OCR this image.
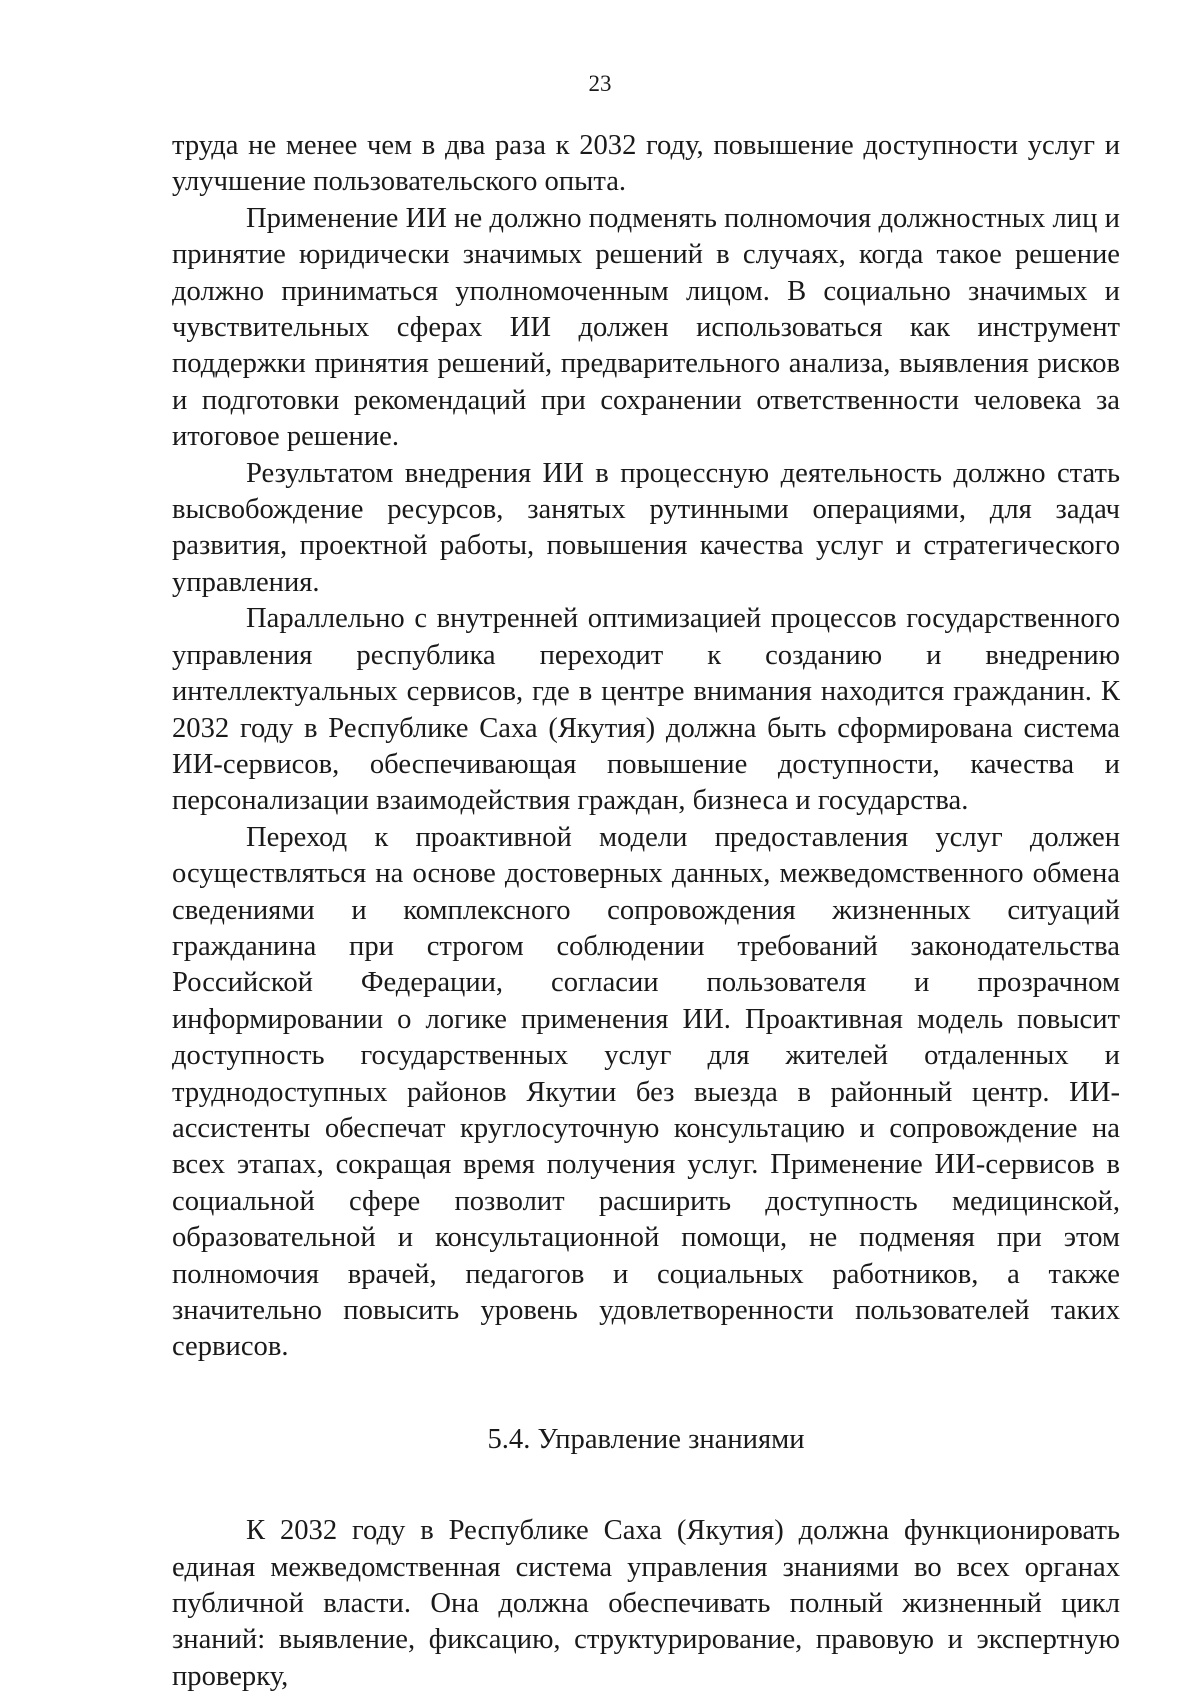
23

труда не менее чем в два раза к 2032 году, повышение доступности услуг и улучшение пользовательского опыта.

Применение ИИ не должно подменять полномочия должностных лиц и принятие юридически значимых решений в случаях, когда такое решение должно приниматься уполномоченным лицом. В социально значимых и чувствительных сферах ИИ должен использоваться как инструмент поддержки принятия решений, предварительного анализа, выявления рисков и подготовки рекомендаций при сохранении ответственности человека за итоговое решение.

Результатом внедрения ИИ в процессную деятельность должно стать высвобождение ресурсов, занятых рутинными операциями, для задач развития, проектной работы, повышения качества услуг и стратегического управления.

Параллельно с внутренней оптимизацией процессов государственного управления республика переходит к созданию и внедрению интеллектуальных сервисов, где в центре внимания находится гражданин. К 2032 году в Республике Саха (Якутия) должна быть сформирована система ИИ-сервисов, обеспечивающая повышение доступности, качества и персонализации взаимодействия граждан, бизнеса и государства.

Переход к проактивной модели предоставления услуг должен осуществляться на основе достоверных данных, межведомственного обмена сведениями и комплексного сопровождения жизненных ситуаций гражданина при строгом соблюдении требований законодательства Российской Федерации, согласии пользователя и прозрачном информировании о логике применения ИИ. Проактивная модель повысит доступность государственных услуг для жителей отдаленных и труднодоступных районов Якутии без выезда в районный центр. ИИ-ассистенты обеспечат круглосуточную консультацию и сопровождение на всех этапах, сокращая время получения услуг. Применение ИИ-сервисов в социальной сфере позволит расширить доступность медицинской, образовательной и консультационной помощи, не подменяя при этом полномочия врачей, педагогов и социальных работников, а также значительно повысить уровень удовлетворенности пользователей таких сервисов.

5.4. Управление знаниями

К 2032 году в Республике Саха (Якутия) должна функционировать единая межведомственная система управления знаниями во всех органах публичной власти. Она должна обеспечивать полный жизненный цикл знаний: выявление, фиксацию, структурирование, правовую и экспертную проверку,
